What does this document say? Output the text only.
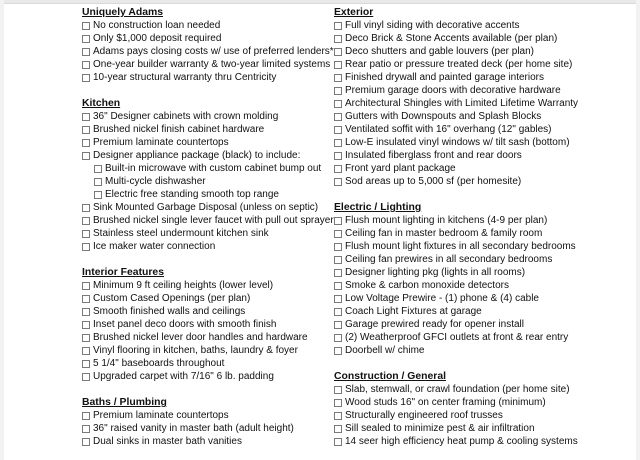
Uniquely Adams
No construction loan needed
Only $1,000 deposit required
Adams pays closing costs w/ use of preferred lenders*
One-year builder warranty & two-year limited systems
10-year structural warranty thru Centricity
Kitchen
36" Designer cabinets with crown molding
Brushed nickel finish cabinet hardware
Premium laminate countertops
Designer appliance package (black) to include:
Built-in microwave with custom cabinet bump out
Multi-cycle dishwasher
Electric free standing smooth top range
Sink Mounted Garbage Disposal (unless on septic)
Brushed nickel single lever faucet with pull out sprayer
Stainless steel undermount kitchen sink
Ice maker water connection
Interior Features
Minimum 9 ft ceiling heights (lower level)
Custom Cased Openings (per plan)
Smooth finished walls and ceilings
Inset panel deco doors with smooth finish
Brushed nickel lever door handles and hardware
Vinyl flooring in kitchen, baths, laundry & foyer
5 1/4" baseboards throughout
Upgraded carpet with 7/16" 6 lb. padding
Baths / Plumbing
Premium laminate countertops
36" raised vanity in master bath (adult height)
Dual sinks in master bath vanities
Exterior
Full vinyl siding with decorative accents
Deco Brick & Stone Accents available (per plan)
Deco shutters and gable louvers (per plan)
Rear patio or pressure treated deck (per home site)
Finished drywall and painted garage interiors
Premium garage doors with decorative hardware
Architectural Shingles with Limited Lifetime Warranty
Gutters with Downspouts and Splash Blocks
Ventilated soffit with 16" overhang (12" gables)
Low-E insulated vinyl windows w/ tilt sash (bottom)
Insulated fiberglass front and rear doors
Front yard plant package
Sod areas up to 5,000 sf (per homesite)
Electric / Lighting
Flush mount lighting in kitchens (4-9 per plan)
Ceiling fan in master bedroom & family room
Flush mount light fixtures in all secondary bedrooms
Ceiling fan prewires in all secondary bedrooms
Designer lighting pkg (lights in all rooms)
Smoke & carbon monoxide detectors
Low Voltage Prewire - (1) phone & (4) cable
Coach Light Fixtures at garage
Garage prewired ready for opener install
(2) Weatherproof GFCI outlets at front & rear entry
Doorbell w/ chime
Construction / General
Slab, stemwall, or crawl foundation (per home site)
Wood studs 16" on center framing (minimum)
Structurally engineered roof trusses
Sill sealed to minimize pest & air infiltration
14 seer high efficiency heat pump & cooling systems
